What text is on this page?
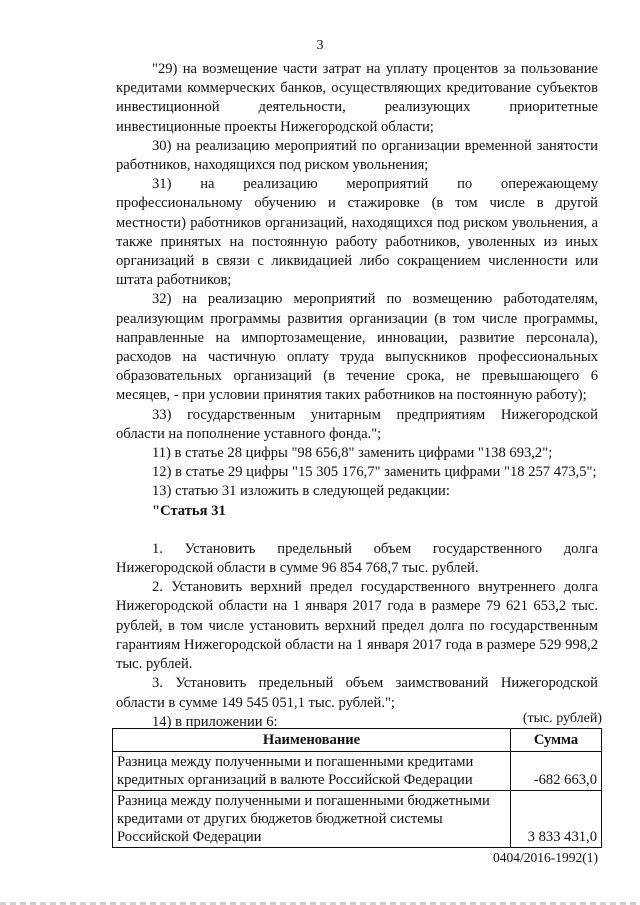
3

"29) на возмещение части затрат на уплату процентов за пользование кредитами коммерческих банков, осуществляющих кредитование субъектов инвестиционной деятельности, реализующих приоритетные инвестиционные проекты Нижегородской области;

30) на реализацию мероприятий по организации временной занятости работников, находящихся под риском увольнения;

31) на реализацию мероприятий по опережающему профессиональному обучению и стажировке (в том числе в другой местности) работников организаций, находящихся под риском увольнения, а также принятых на постоянную работу работников, уволенных из иных организаций в связи с ликвидацией либо сокращением численности или штата работников;

32) на реализацию мероприятий по возмещению работодателям, реализующим программы развития организации (в том числе программы, направленные на импортозамещение, инновации, развитие персонала), расходов на частичную оплату труда выпускников профессиональных образовательных организаций (в течение срока, не превышающего 6 месяцев, - при условии принятия таких работников на постоянную работу);

33) государственным унитарным предприятиям Нижегородской области на пополнение уставного фонда.";

11) в статье 28 цифры "98 656,8" заменить цифрами "138 693,2";

12) в статье 29 цифры "15 305 176,7" заменить цифрами "18 257 473,5";

13) статью 31 изложить в следующей редакции:

"Статья 31

1. Установить предельный объем государственного долга Нижегородской области в сумме 96 854 768,7 тыс. рублей.

2. Установить верхний предел государственного внутреннего долга Нижегородской области на 1 января 2017 года в размере 79 621 653,2 тыс. рублей, в том числе установить верхний предел долга по государственным гарантиям Нижегородской области на 1 января 2017 года в размере 529 998,2 тыс. рублей.

3. Установить предельный объем заимствований Нижегородской области в сумме 149 545 051,1 тыс. рублей.";

14) в приложении 6:	(тыс. рублей)
Наименование	Сумма
Разница между полученными и погашенными кредитами кредитных организаций в валюте Российской Федерации	-682 663,0
Разница между полученными и погашенными бюджетными кредитами от других бюджетов бюджетной системы Российской Федерации	3 833 431,0
0404/2016-1992(1)
